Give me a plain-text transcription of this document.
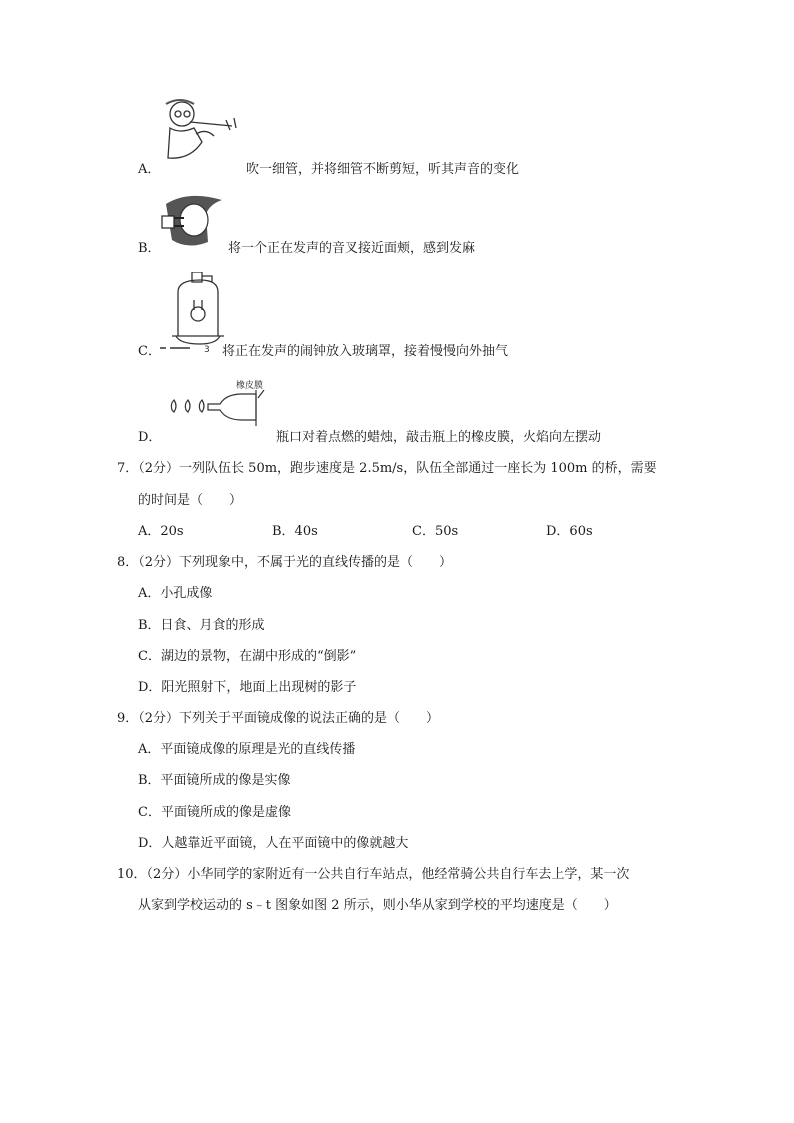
A．	吹一细管，并将细管不断剪短，听其声音的变化
B．	将一个正在发声的音叉接近面颊，感到发麻
3
C．	将正在发声的闹钟放入玻璃罩，接着慢慢向外抽气
橡皮膜
D．	瓶口对着点燃的蜡烛，敲击瓶上的橡皮膜，火焰向左摆动
7．（2分）一列队伍长 50m，跑步速度是 2.5m/s，队伍全部通过一座长为 100m 的桥，需要
的时间是（　　）
A．20s	B．40s	C．50s	D．60s
8．（2分）下列现象中，不属于光的直线传播的是（　　）
A．小孔成像
B．日食、月食的形成
C．湖边的景物，在湖中形成的“倒影”
D．阳光照射下，地面上出现树的影子
9．（2分）下列关于平面镜成像的说法正确的是（　　）
A．平面镜成像的原理是光的直线传播
B．平面镜所成的像是实像
C．平面镜所成的像是虚像
D．人越靠近平面镜，人在平面镜中的像就越大
10．（2分）小华同学的家附近有一公共自行车站点，他经常骑公共自行车去上学，某一次
从家到学校运动的 s﹣t 图象如图 2 所示，则小华从家到学校的平均速度是（　　）
